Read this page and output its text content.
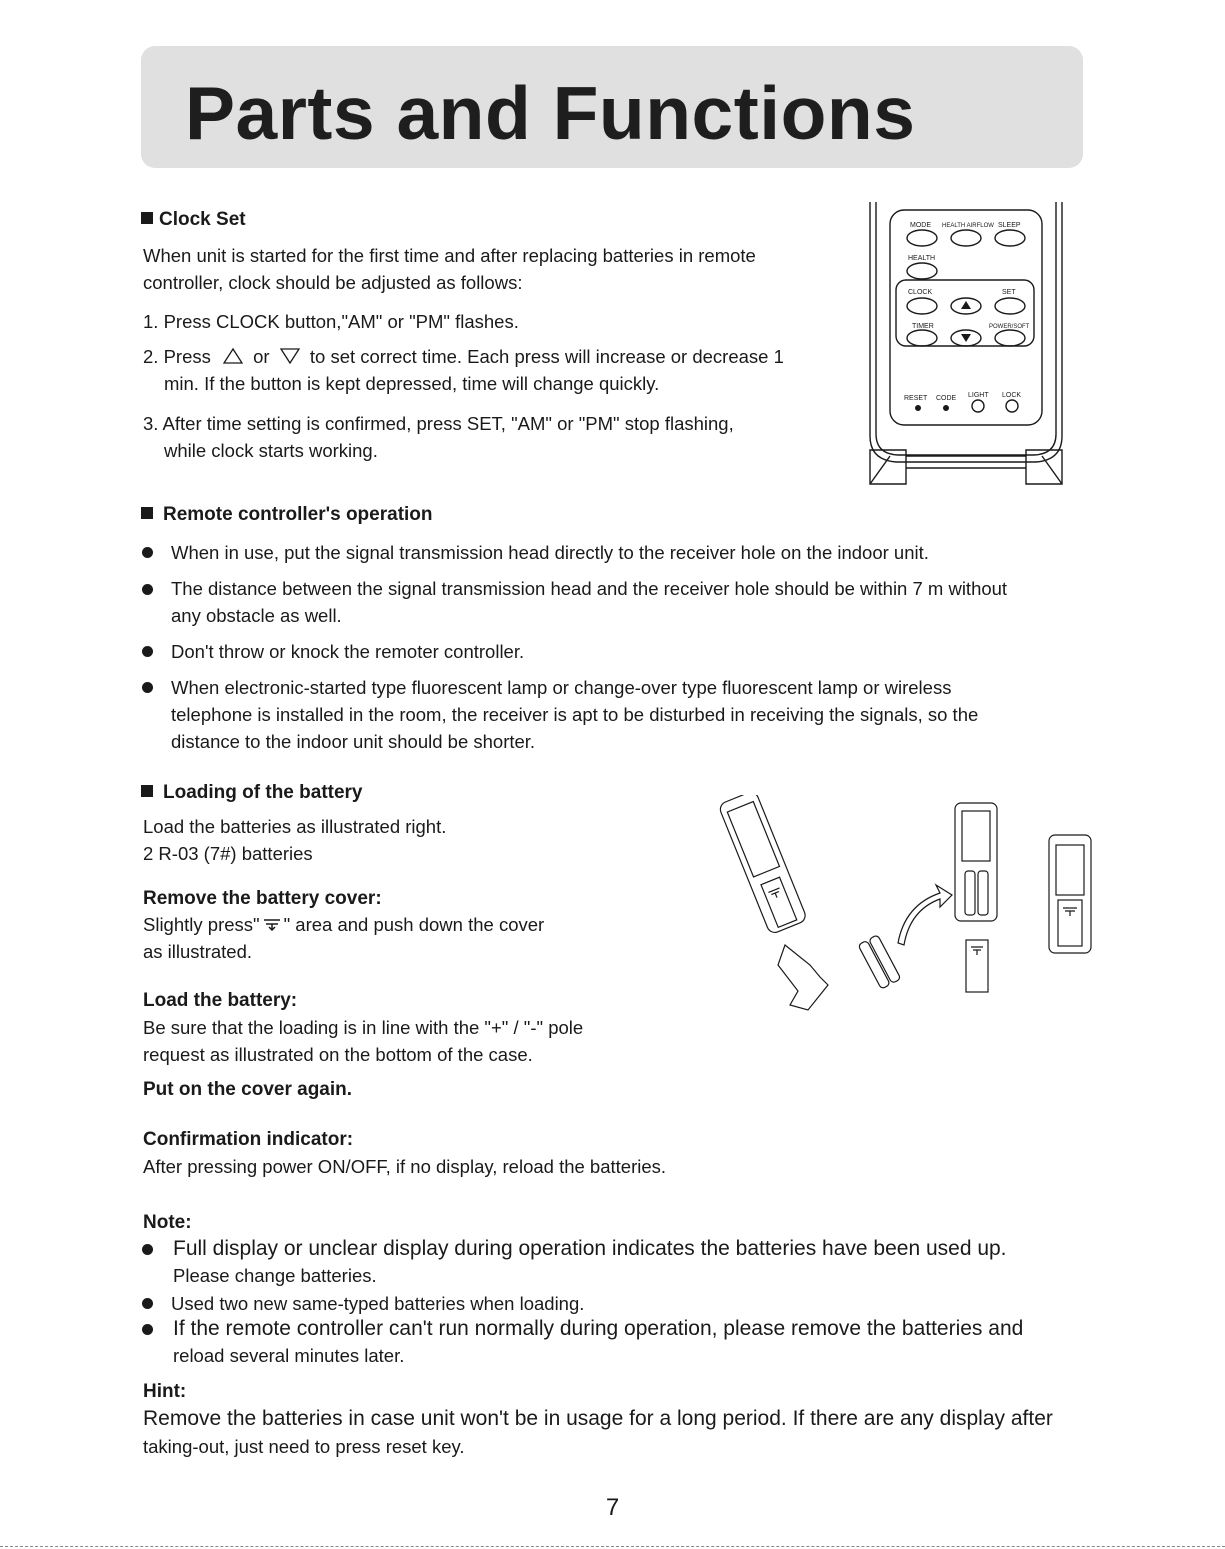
Parts and Functions
Clock Set
When unit is started for the first time and after replacing batteries in remote
controller, clock should be adjusted as follows:
1. Press CLOCK button,"AM" or "PM" flashes.
2. Press or to set correct time. Each press will increase or decrease 1
min. If the button is kept depressed, time will change quickly.
3. After time setting is confirmed, press SET, "AM" or "PM" stop flashing,
while clock starts working.
MODE HEALTH AIRFLOW SLEEP
HEALTH
CLOCK	SET
TIMER	POWER/SOFT
RESET CODE LIGHT LOCK
Remote controller's operation
When in use, put the signal transmission head directly to the receiver hole on the indoor unit.
The distance between the signal transmission head and the receiver hole should be within 7 m without
any obstacle as well.
Don't throw or knock the remoter controller.
When electronic-started type fluorescent lamp or change-over type fluorescent lamp or wireless
telephone is installed in the room, the receiver is apt to be disturbed in receiving the signals, so the
distance to the indoor unit should be shorter.
Loading of the battery
Load the batteries as illustrated right.
2 R-03 (7#) batteries
Remove the battery cover:
Slightly press" " area and push down the cover
as illustrated.
Load the battery:
Be sure that the loading is in line with the "+" / "-" pole
request as illustrated on the bottom of the case.
Put on the cover again.
Confirmation indicator:
After pressing power ON/OFF, if no display, reload the batteries.
Note:
Full display or unclear display during operation indicates the batteries have been used up.
Please change batteries.
Used two new same-typed batteries when loading.
If the remote controller can't run normally during operation, please remove the batteries and
reload several minutes later.
Hint:
Remove the batteries in case unit won't be in usage for a long period. If there are any display after
taking-out, just need to press reset key.
7
